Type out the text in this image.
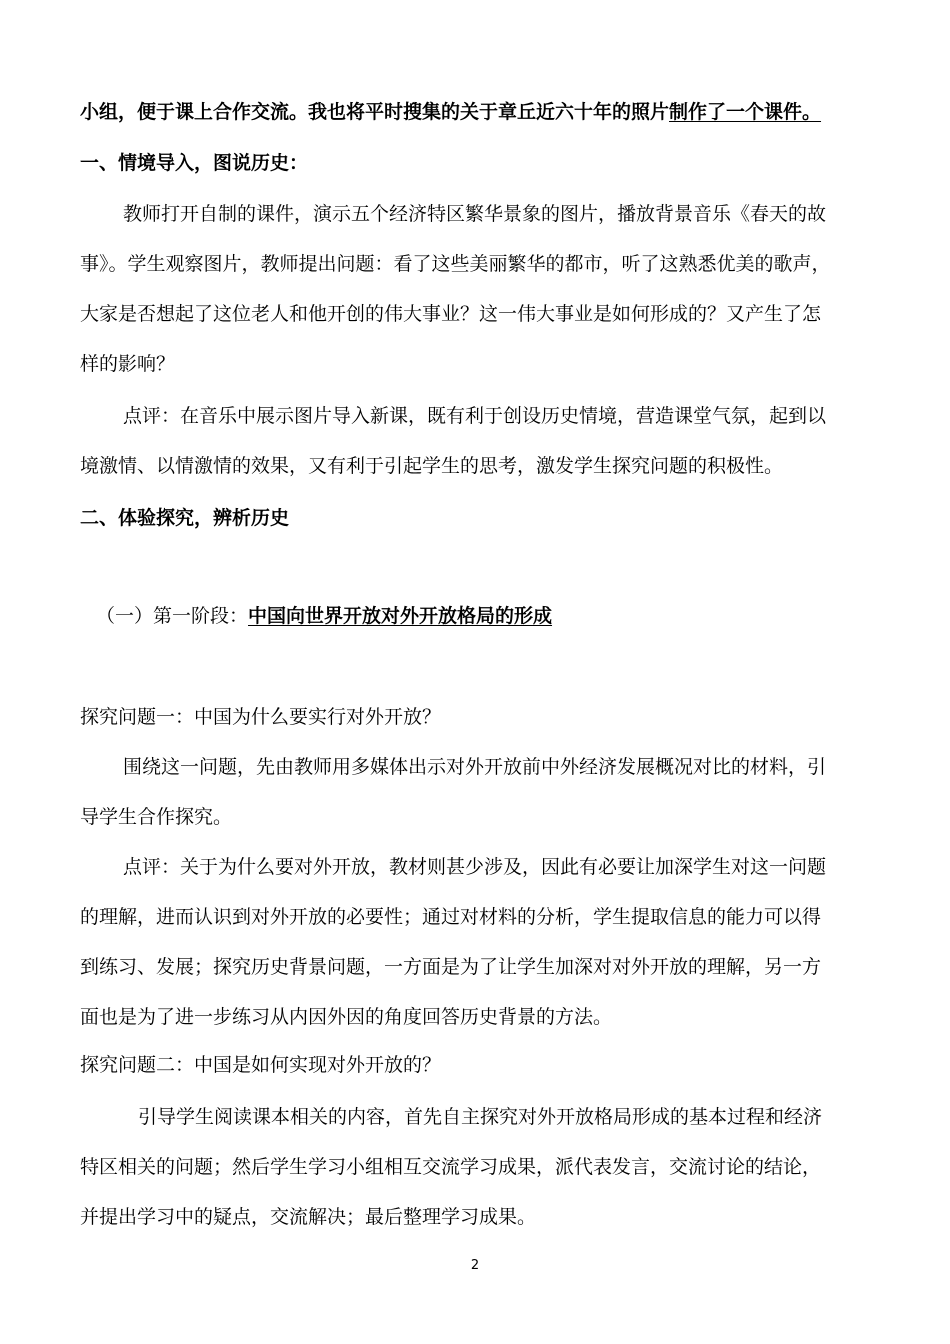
小组，便于课上合作交流。我也将平时搜集的关于章丘近六十年的照片制作了一个课件。
一、情境导入，图说历史：
教师打开自制的课件，演示五个经济特区繁华景象的图片，播放背景音乐《春天的故
事》。学生观察图片，教师提出问题：看了这些美丽繁华的都市，听了这熟悉优美的歌声，
大家是否想起了这位老人和他开创的伟大事业？这一伟大事业是如何形成的？又产生了怎
样的影响？
点评：在音乐中展示图片导入新课，既有利于创设历史情境，营造课堂气氛，起到以
境激情、以情激情的效果，又有利于引起学生的思考，激发学生探究问题的积极性。
二、体验探究，辨析历史
（一）第一阶段：中国向世界开放对外开放格局的形成
探究问题一：中国为什么要实行对外开放？
围绕这一问题，先由教师用多媒体出示对外开放前中外经济发展概况对比的材料，引
导学生合作探究。
点评：关于为什么要对外开放，教材则甚少涉及，因此有必要让加深学生对这一问题
的理解，进而认识到对外开放的必要性；通过对材料的分析，学生提取信息的能力可以得
到练习、发展；探究历史背景问题，一方面是为了让学生加深对对外开放的理解，另一方
面也是为了进一步练习从内因外因的角度回答历史背景的方法。
探究问题二：中国是如何实现对外开放的？
引导学生阅读课本相关的内容，首先自主探究对外开放格局形成的基本过程和经济
特区相关的问题；然后学生学习小组相互交流学习成果，派代表发言，交流讨论的结论，
并提出学习中的疑点，交流解决；最后整理学习成果。
2
